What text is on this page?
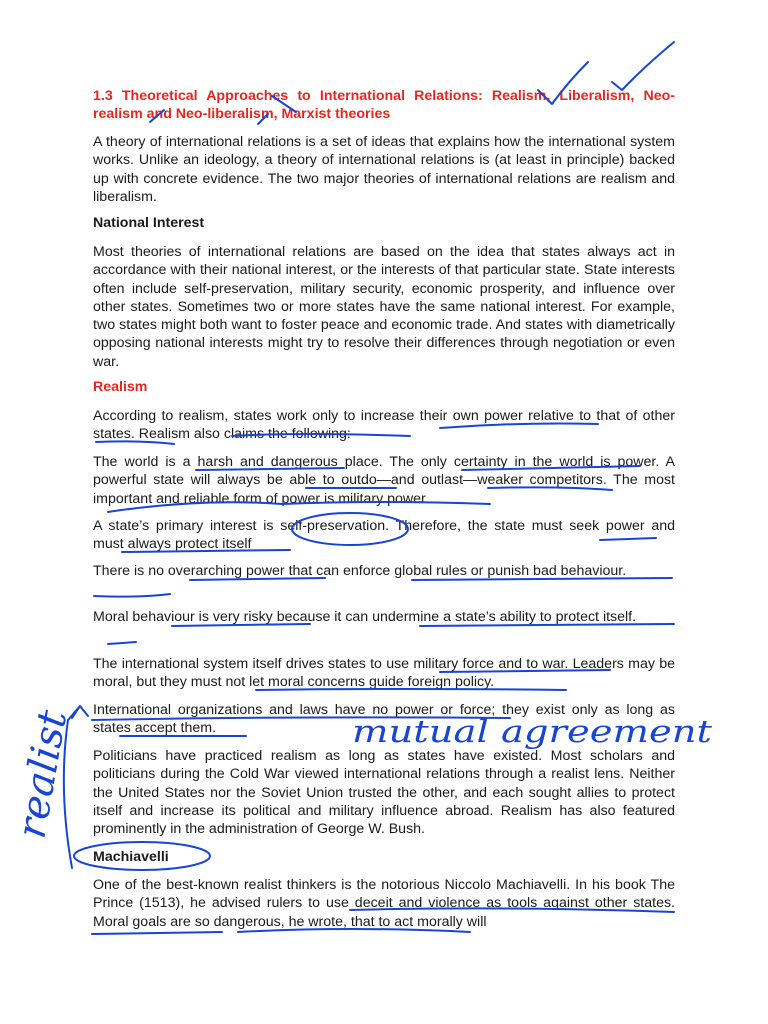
1.3 Theoretical Approaches to International Relations: Realism, Liberalism, Neo-realism and Neo-liberalism, Marxist theories

A theory of international relations is a set of ideas that explains how the international system works. Unlike an ideology, a theory of international relations is (at least in principle) backed up with concrete evidence. The two major theories of international relations are realism and liberalism.

National Interest

Most theories of international relations are based on the idea that states always act in accordance with their national interest, or the interests of that particular state. State interests often include self-preservation, military security, economic prosperity, and influence over other states. Sometimes two or more states have the same national interest. For example, two states might both want to foster peace and economic trade. And states with diametrically opposing national interests might try to resolve their differences through negotiation or even war.

Realism

According to realism, states work only to increase their own power relative to that of other states. Realism also claims the following:

The world is a harsh and dangerous place. The only certainty in the world is power. A powerful state will always be able to outdo—and outlast—weaker competitors. The most important and reliable form of power is military power.

A state’s primary interest is self-preservation. Therefore, the state must seek power and must always protect itself

There is no overarching power that can enforce global rules or punish bad behaviour.

Moral behaviour is very risky because it can undermine a state’s ability to protect itself.

The international system itself drives states to use military force and to war. Leaders may be moral, but they must not let moral concerns guide foreign policy.

International organizations and laws have no power or force; they exist only as long as states accept them.

Politicians have practiced realism as long as states have existed. Most scholars and politicians during the Cold War viewed international relations through a realist lens. Neither the United States nor the Soviet Union trusted the other, and each sought allies to protect itself and increase its political and military influence abroad. Realism has also featured prominently in the administration of George W. Bush.

Machiavelli

One of the best-known realist thinkers is the notorious Niccolo Machiavelli. In his book The Prince (1513), he advised rulers to use deceit and violence as tools against other states. Moral goals are so dangerous, he wrote, that to act morally will

realist	mutual agreement
